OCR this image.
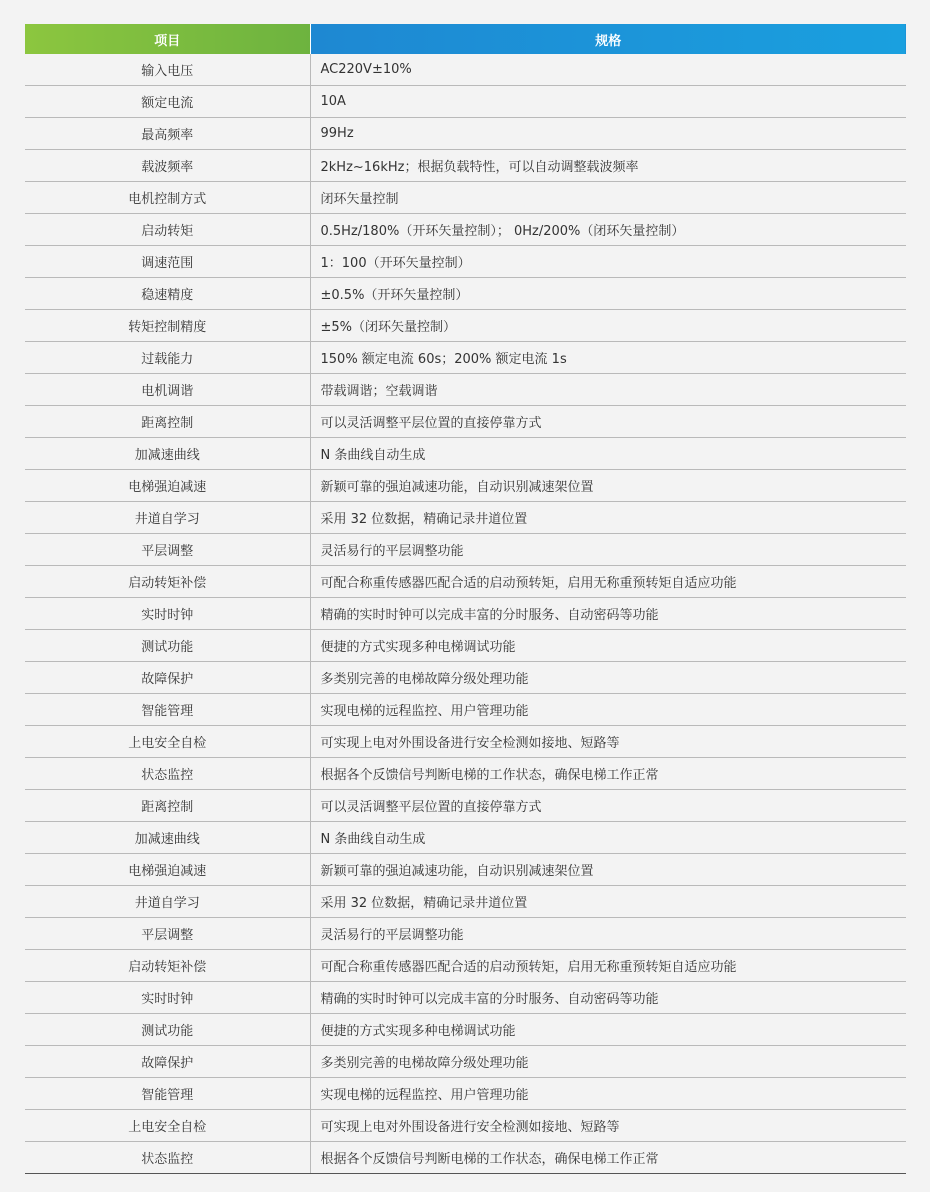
项目	规格
输入电压	AC220V±10%
额定电流	10A
最高频率	99Hz
载波频率	2kHz~16kHz；根据负载特性，可以自动调整载波频率
电机控制方式	闭环矢量控制
启动转矩	0.5Hz/180%（开环矢量控制）； 0Hz/200%（闭环矢量控制）
调速范围	1：100（开环矢量控制）
稳速精度	±0.5%（开环矢量控制）
转矩控制精度	±5%（闭环矢量控制）
过载能力	150% 额定电流 60s；200% 额定电流 1s
电机调谐	带载调谐；空载调谐
距离控制	可以灵活调整平层位置的直接停靠方式
加减速曲线	N 条曲线自动生成
电梯强迫减速	新颖可靠的强迫减速功能，自动识别减速架位置
井道自学习	采用 32 位数据，精确记录井道位置
平层调整	灵活易行的平层调整功能
启动转矩补偿	可配合称重传感器匹配合适的启动预转矩，启用无称重预转矩自适应功能
实时时钟	精确的实时时钟可以完成丰富的分时服务、自动密码等功能
测试功能	便捷的方式实现多种电梯调试功能
故障保护	多类别完善的电梯故障分级处理功能
智能管理	实现电梯的远程监控、用户管理功能
上电安全自检	可实现上电对外围设备进行安全检测如接地、短路等
状态监控	根据各个反馈信号判断电梯的工作状态，确保电梯工作正常
距离控制	可以灵活调整平层位置的直接停靠方式
加减速曲线	N 条曲线自动生成
电梯强迫减速	新颖可靠的强迫减速功能，自动识别减速架位置
井道自学习	采用 32 位数据，精确记录井道位置
平层调整	灵活易行的平层调整功能
启动转矩补偿	可配合称重传感器匹配合适的启动预转矩，启用无称重预转矩自适应功能
实时时钟	精确的实时时钟可以完成丰富的分时服务、自动密码等功能
测试功能	便捷的方式实现多种电梯调试功能
故障保护	多类别完善的电梯故障分级处理功能
智能管理	实现电梯的远程监控、用户管理功能
上电安全自检	可实现上电对外围设备进行安全检测如接地、短路等
状态监控	根据各个反馈信号判断电梯的工作状态，确保电梯工作正常
